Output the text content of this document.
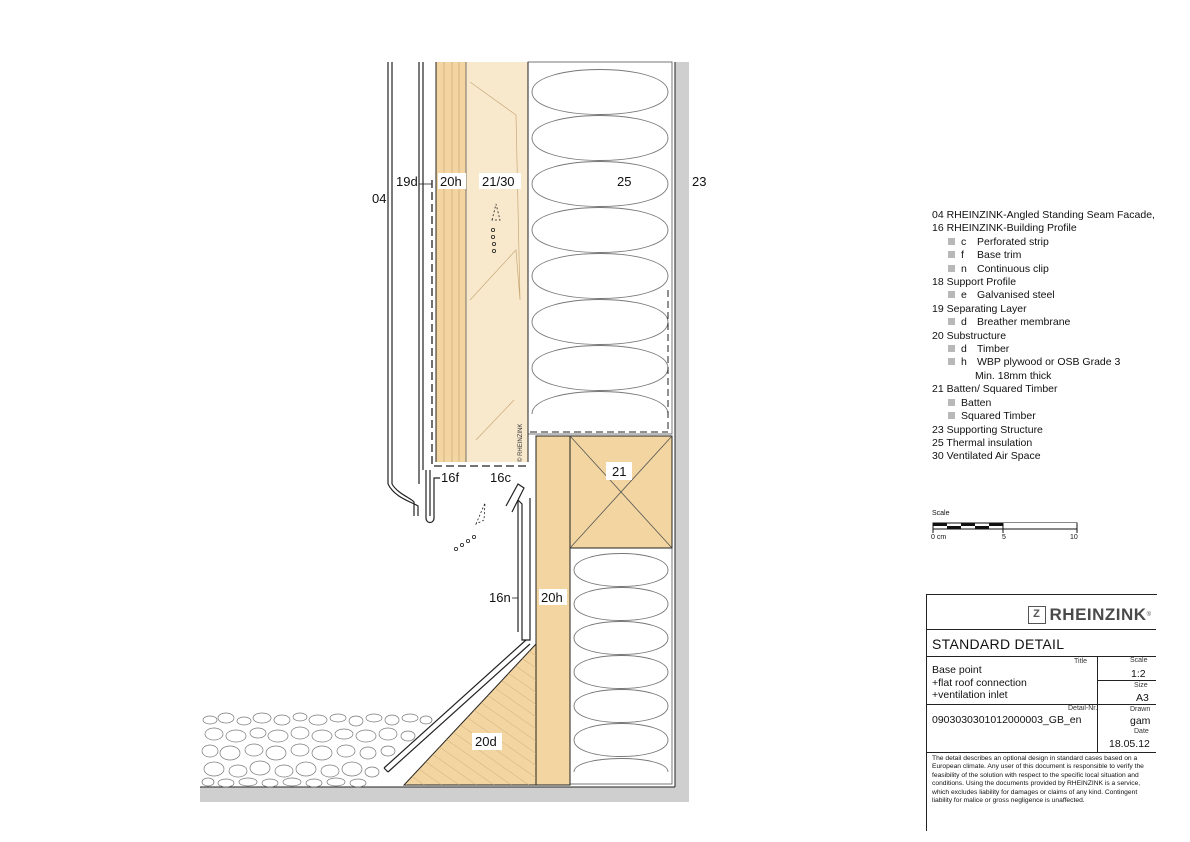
© RHEINZINK
04
19d 20h 21/30	25	23
16f 16c	21
16n 20h
20d
04 RHEINZINK-Angled Standing Seam Facade,
16 RHEINZINK-Building Profile
c Perforated strip
f Base trim
n Continuous clip
18 Support Profile
e Galvanised steel
19 Separating Layer
d Breather membrane
20 Substructure
d Timber
h WBP plywood or OSB Grade 3
Min. 18mm thick
21 Batten/ Squared Timber
Batten
Squared Timber
23 Supporting Structure
25 Thermal insulation
30 Ventilated Air Space
Scale
0 cm	5	10
Z RHEINZINK ®
STANDARD DETAIL
Title
Base point
+flat roof connection
+ventilation inlet
Scale
1:2
Size
A3
Detail-Nr.
0903030301012000003_GB_en
Drawn
gam
Date
18.05.12
The detail describes an optional design in standard cases based on a European climate. Any user of this document is responsible to verify the feasibility of the solution with respect to the specific local situation and conditions. Using the documents provided by RHEINZINK is a service, which excludes liability for damages or claims of any kind. Contingent liability for malice or gross negligence is unaffected.
